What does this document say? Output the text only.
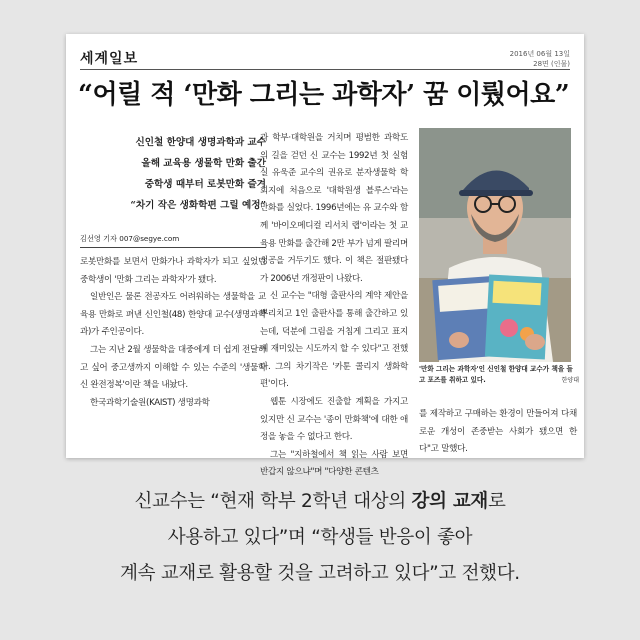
세계일보	2016년 06월 13일
28면 (인물)
“어릴 적 ‘만화 그리는 과학자’ 꿈 이뤘어요”
신인철 한양대 생명과학과 교수
올해 교육용 생물학 만화 출간
중학생 때부터 로봇만화 즐겨
“차기 작은 생화학편 그릴 예정”
김선영 기자 007@segye.com

로봇만화를 보면서 만화가나 과학자가 되고 싶었던 중학생이 '만화 그리는 과학자'가 됐다.

일반인은 물론 전공자도 어려워하는 생물학을 교육용 만화로 펴낸 신인철(48) 한양대 교수(생명과학과)가 주인공이다.

그는 지난 2월 생물학을 대중에게 더 쉽게 전달하고 싶어 중고생까지 이해할 수 있는 수준의 '생물학 신 완전정복'이란 책을 내놨다.

한국과학기술원(KAIST) 생명과학

과 학부·대학원을 거치며 평범한 과학도의 길을 걷던 신 교수는 1992년 첫 실험실 유욱준 교수의 권유로 분자생물학 학회지에 처음으로 '대학원생 블루스'라는 만화를 실었다. 1996년에는 유 교수와 함께 '바이오메디컬 리서치 랩'이라는 첫 교육용 만화를 출간해 2만 부가 넘게 팔리며 성공을 거두기도 했다. 이 책은 절판됐다가 2006년 개정판이 나왔다.

신 교수는 "대형 출판사의 계약 제안을 뿌리치고 1인 출판사를 통해 출간하고 있는데, 덕분에 그림을 거침게 그리고 표지에 재미있는 시도까지 할 수 있다"고 전했다. 그의 차기작은 '카툰 콜리지 생화학편'이다.

웹툰 시장에도 진출할 계획을 가지고 있지만 신 교수는 '종이 만화책'에 대한 애정을 놓을 수 없다고 한다.

그는 "지하철에서 책 읽는 사람 보면 반갑지 않으냐"며 "다양한 콘텐츠

'만화 그리는 과학자'인 신인철 한양대 교수가 책을 들고 포즈를 취하고 있다.	한양대

를 제작하고 구매하는 환경이 만들어져 다채로운 개성이 존중받는 사회가 됐으면 한다"고 말했다.

신교수는 “현재 학부 2학년 대상의 강의 교재로
사용하고 있다”며 “학생들 반응이 좋아
계속 교재로 활용할 것을 고려하고 있다”고 전했다.
